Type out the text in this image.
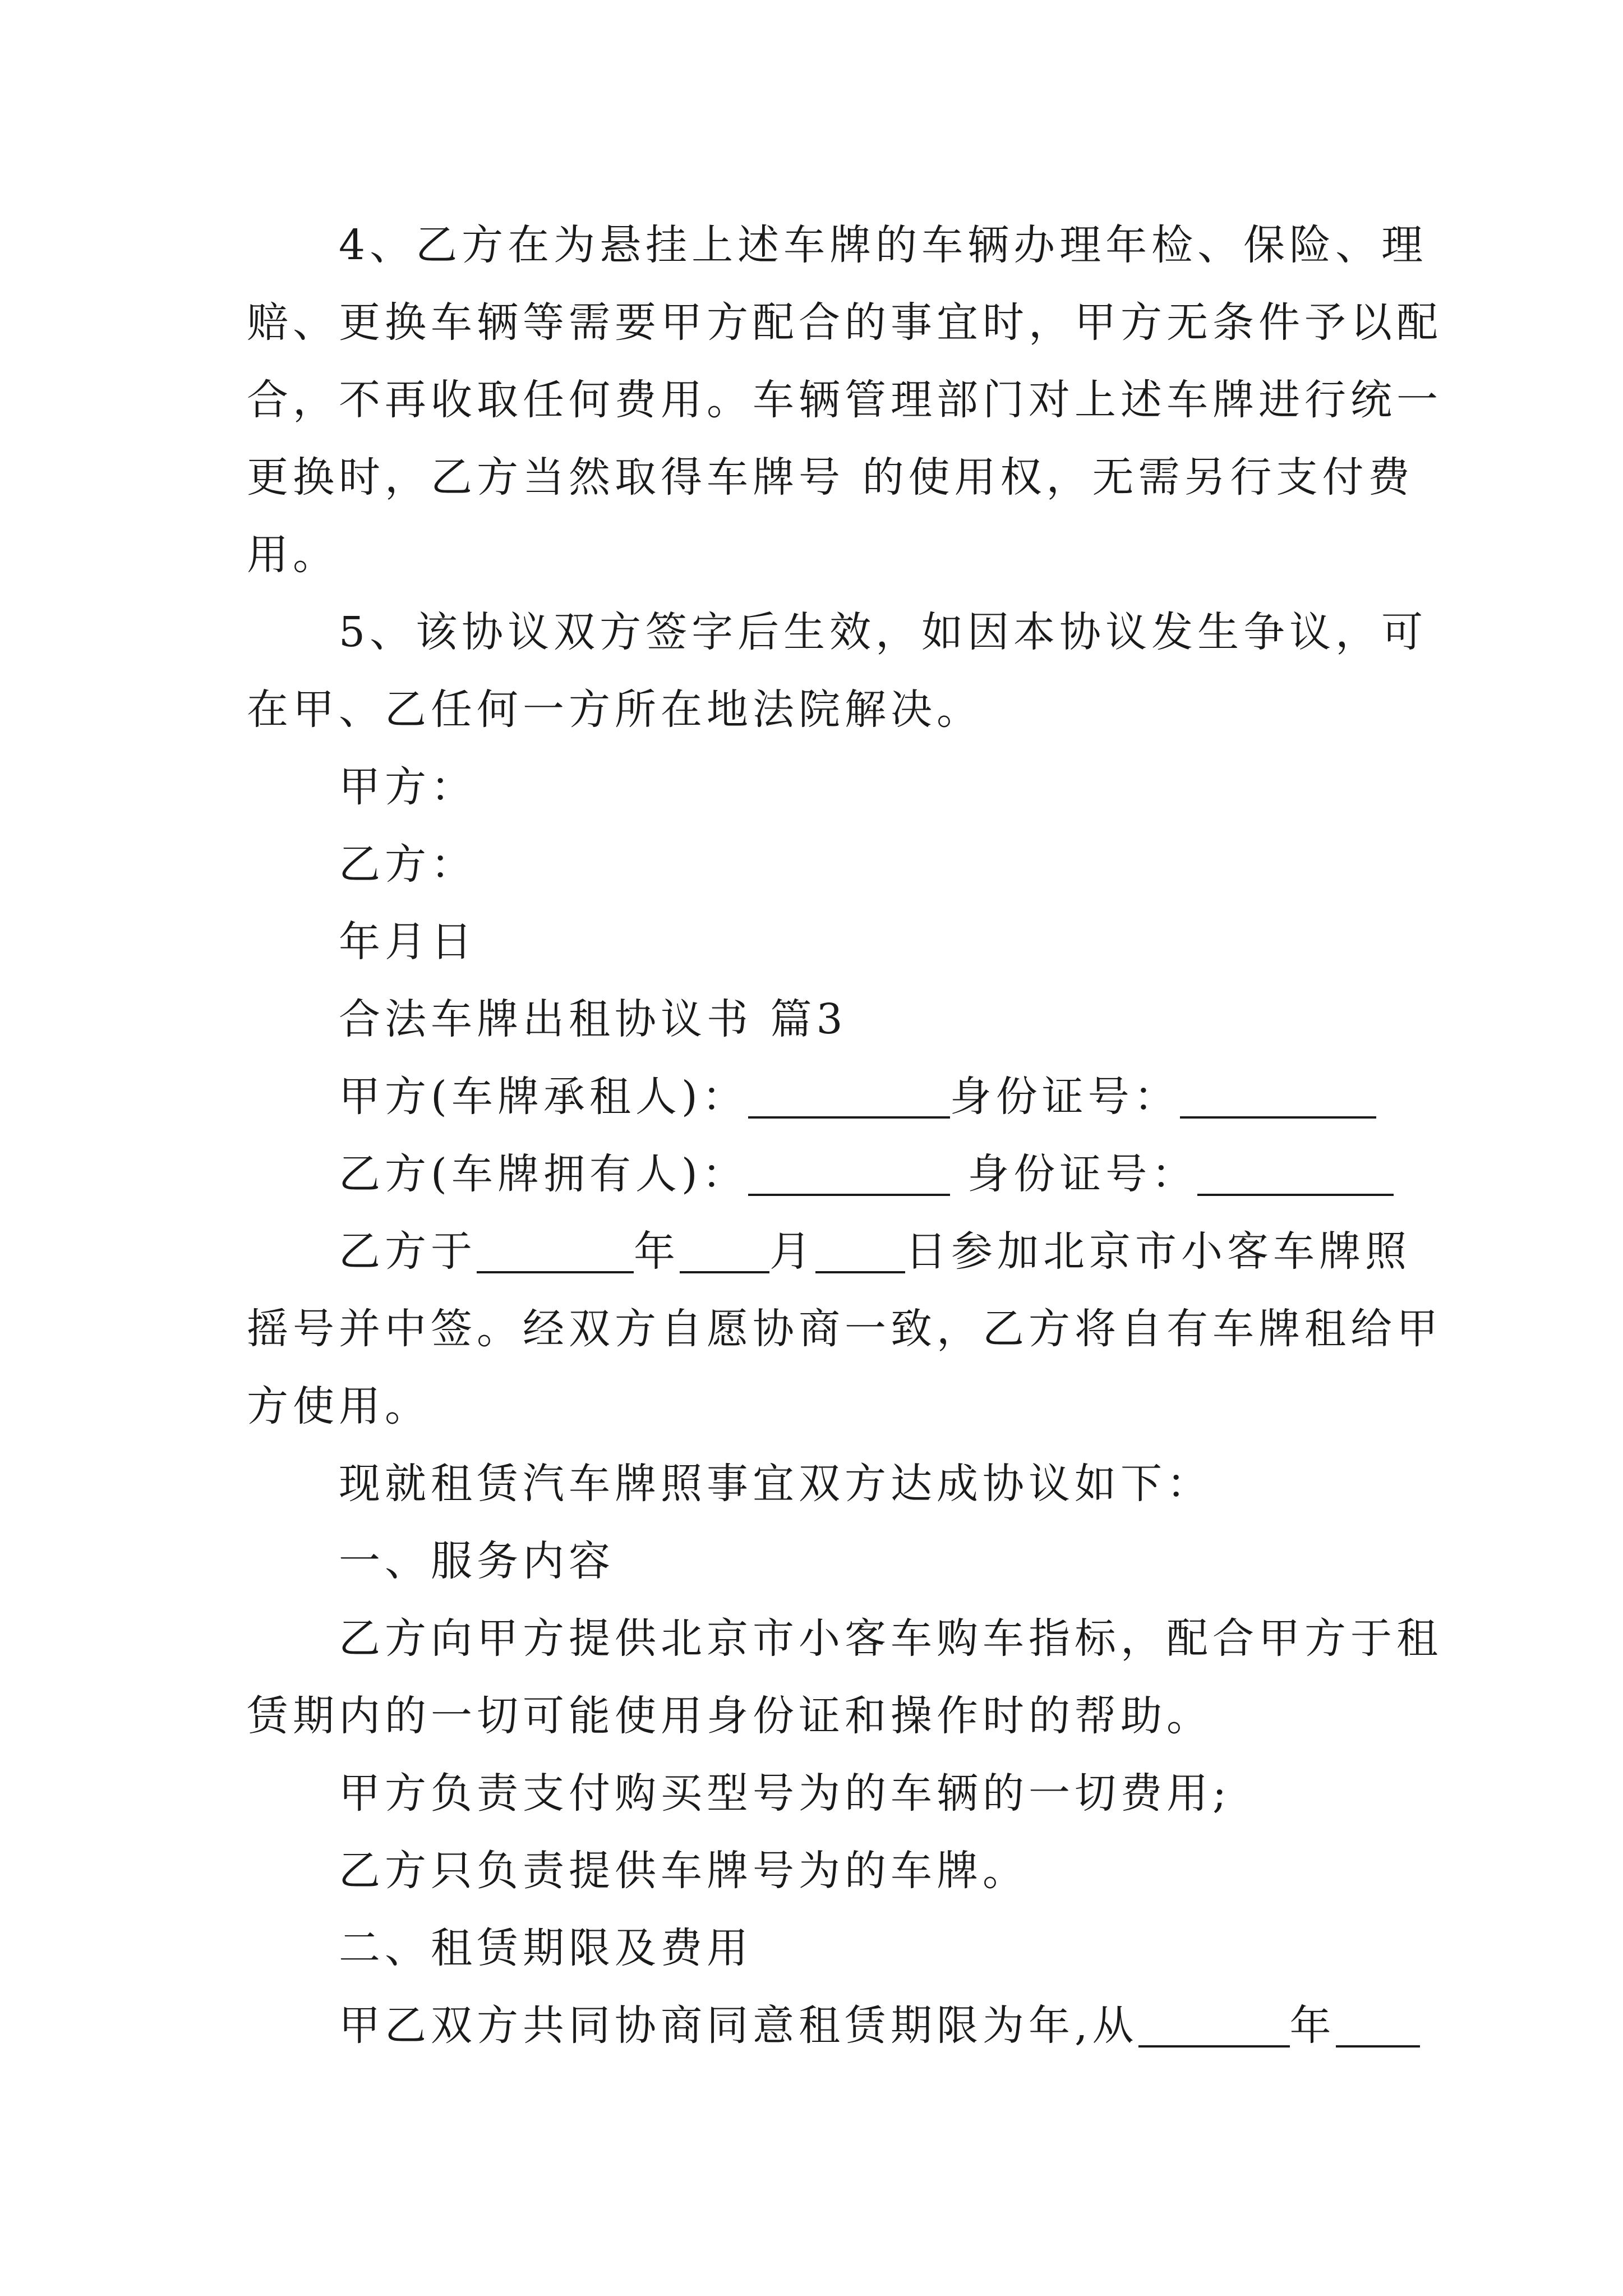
4、乙方在为悬挂上述车牌的车辆办理年检、保险、理
赔、更换车辆等需要甲方配合的事宜时，甲方无条件予以配
合，不再收取任何费用。车辆管理部门对上述车牌进行统一
更换时，乙方当然取得车牌号 的使用权，无需另行支付费
用。
5、该协议双方签字后生效，如因本协议发生争议，可
在甲、乙任何一方所在地法院解决。
甲方：
乙方：
年月日
合法车牌出租协议书 篇3
甲方(车牌承租人)：	身份证号：
乙方(车牌拥有人)：	身份证号：
乙方于	年 月 日参加北京市小客车牌照
摇号并中签。经双方自愿协商一致，乙方将自有车牌租给甲
方使用。
现就租赁汽车牌照事宜双方达成协议如下：
一、服务内容
乙方向甲方提供北京市小客车购车指标，配合甲方于租
赁期内的一切可能使用身份证和操作时的帮助。
甲方负责支付购买型号为的车辆的一切费用;
乙方只负责提供车牌号为的车牌。
二、租赁期限及费用
甲乙双方共同协商同意租赁期限为年,从	年
